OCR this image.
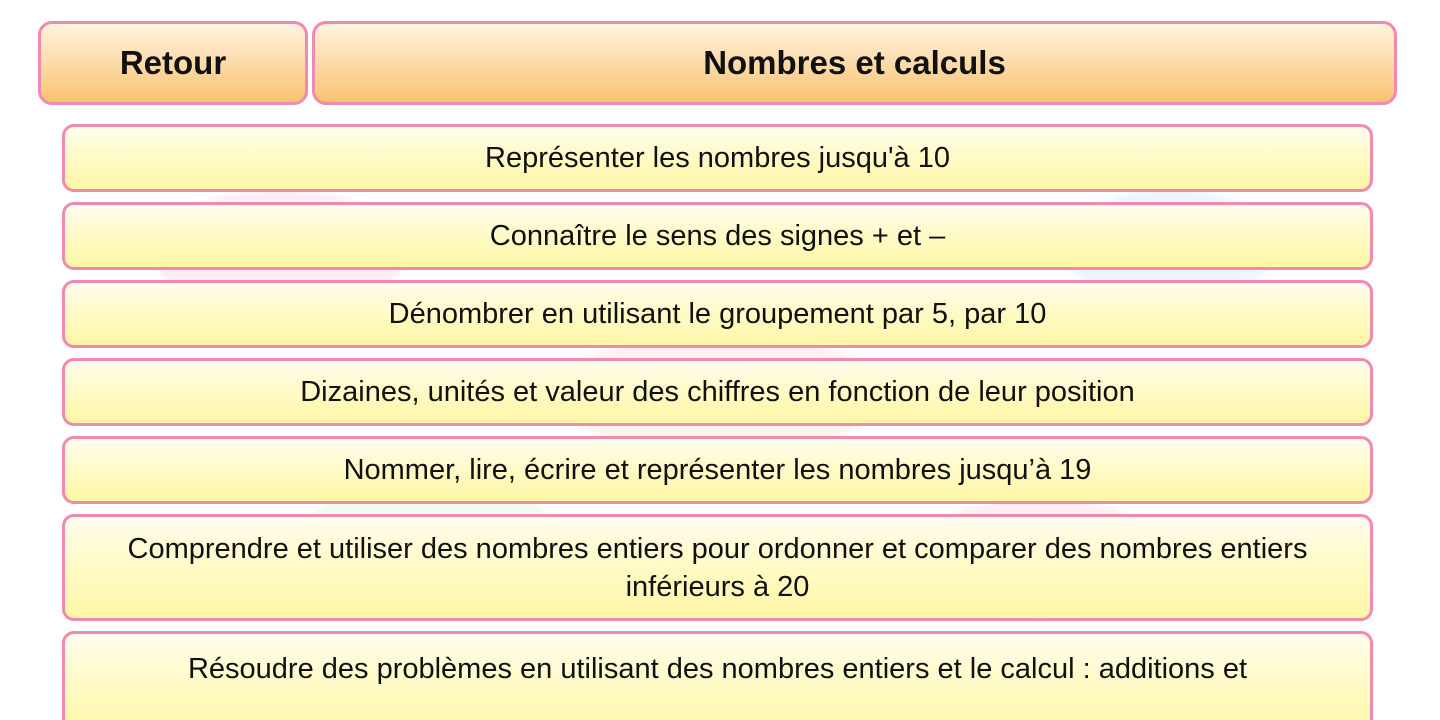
Retour	Nombres et calculs
Représenter les nombres jusqu'à 10
Connaître le sens des signes + et –
Dénombrer en utilisant le groupement par 5, par 10
Dizaines, unités et valeur des chiffres en fonction de leur position
Nommer, lire, écrire et représenter les nombres jusqu’à 19
Comprendre et utiliser des nombres entiers pour ordonner et comparer des nombres entiers inférieurs à 20
Résoudre des problèmes en utilisant des nombres entiers et le calcul : additions et
